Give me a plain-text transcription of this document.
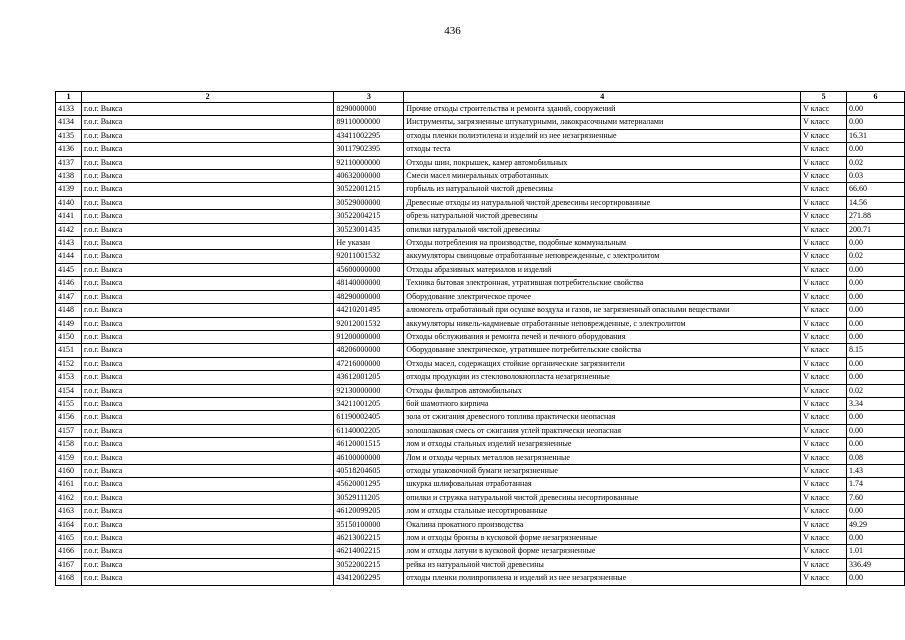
436
1	2	3	4	5	6
4133	г.о.г. Выкса	8290000000	Прочие отходы строительства и ремонта зданий, сооружений	V класс	0.00
4134	г.о.г. Выкса	89110000000	Инструменты, загрязненные штукатурными, лакокрасочными материалами	V класс	0.00
4135	г.о.г. Выкса	43411002295	отходы пленки полиэтилена и изделий из нее незагрязненные	V класс	16.31
4136	г.о.г. Выкса	30117902395	отходы теста	V класс	0.00
4137	г.о.г. Выкса	92110000000	Отходы шин, покрышек, камер автомобильных	V класс	0.02
4138	г.о.г. Выкса	40632000000	Смеси масел минеральных отработанных	V класс	0.03
4139	г.о.г. Выкса	30522001215	горбыль из натуральной чистой древесины	V класс	66.60
4140	г.о.г. Выкса	30529000000	Древесные отходы из натуральной чистой древесины несортированные	V класс	14.56
4141	г.о.г. Выкса	30522004215	обрезь натуральной чистой древесины	V класс	271.88
4142	г.о.г. Выкса	30523001435	опилки натуральной чистой древесины	V класс	200.71
4143	г.о.г. Выкса	Не указан	Отходы потребления на производстве, подобные коммунальным	V класс	0.00
4144	г.о.г. Выкса	92011001532	аккумуляторы свинцовые отработанные неповрежденные, с электролитом	V класс	0.02
4145	г.о.г. Выкса	45600000000	Отходы абразивных материалов и изделий	V класс	0.00
4146	г.о.г. Выкса	48140000000	Техника бытовая электронная, утратившая потребительские свойства	V класс	0.00
4147	г.о.г. Выкса	48290000000	Оборудование электрическое прочее	V класс	0.00
4148	г.о.г. Выкса	44210201495	алюмогель отработанный при осушке воздуха и газов, не загрязненный опасными веществами	V класс	0.00
4149	г.о.г. Выкса	92012001532	аккумуляторы никель-кадмиевые отработанные неповрежденные, с электролитом	V класс	0.00
4150	г.о.г. Выкса	91200000000	Отходы обслуживания и ремонта печей и печного оборудования	V класс	0.00
4151	г.о.г. Выкса	48206000000	Оборудование электрическое, утратившее потребительские свойства	V класс	8.15
4152	г.о.г. Выкса	47216000000	Отходы масел, содержащих стойкие органические загрязнители	V класс	0.00
4153	г.о.г. Выкса	43612001205	отходы продукции из стекловолокнопласта незагрязненные	V класс	0.00
4154	г.о.г. Выкса	92130000000	Отходы фильтров автомобильных	V класс	0.02
4155	г.о.г. Выкса	34211001205	бой шамотного кирпича	V класс	3.34
4156	г.о.г. Выкса	61190002405	зола от сжигания древесного топлива практически неопасная	V класс	0.00
4157	г.о.г. Выкса	61140002205	золошлаковая смесь от сжигания углей практически неопасная	V класс	0.00
4158	г.о.г. Выкса	46120001515	лом и отходы стальных изделий незагрязненные	V класс	0.00
4159	г.о.г. Выкса	46100000000	Лом и отходы черных металлов незагрязненные	V класс	0.08
4160	г.о.г. Выкса	40518204605	отходы упаковочной бумаги незагрязненные	V класс	1.43
4161	г.о.г. Выкса	45620001295	шкурка шлифовальная отработанная	V класс	1.74
4162	г.о.г. Выкса	30529111205	опилки и стружка натуральной чистой древесины несортированные	V класс	7.60
4163	г.о.г. Выкса	46120099205	лом и отходы стальные несортированные	V класс	0.00
4164	г.о.г. Выкса	35150100000	Окалина прокатного производства	V класс	49.29
4165	г.о.г. Выкса	46213002215	лом и отходы бронзы в кусковой форме незагрязненные	V класс	0.00
4166	г.о.г. Выкса	46214002215	лом и отходы латуни в кусковой форме незагрязненные	V класс	1.01
4167	г.о.г. Выкса	30522002215	рейка из натуральной чистой древесины	V класс	336.49
4168	г.о.г. Выкса	43412002295	отходы пленки полипропилена и изделий из нее незагрязненные	V класс	0.00
